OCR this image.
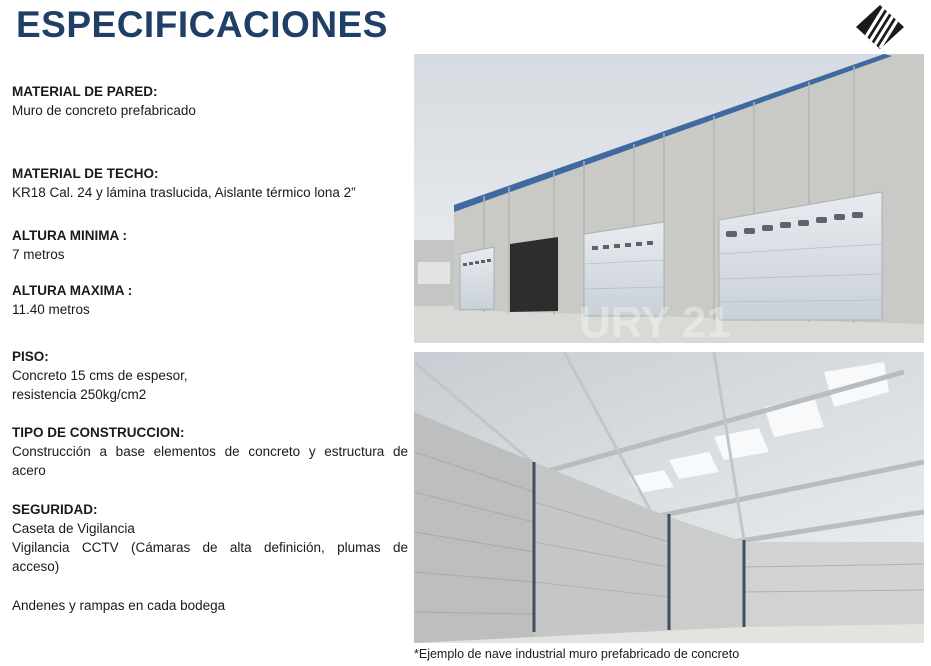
ESPECIFICACIONES
MATERIAL DE PARED:
Muro de concreto prefabricado
MATERIAL DE TECHO:
KR18 Cal. 24 y lámina traslucida, Aislante térmico lona 2”
ALTURA MINIMA :
7 metros
ALTURA MAXIMA :
11.40 metros
PISO:
Concreto 15 cms de espesor,
resistencia 250kg/cm2
TIPO DE CONSTRUCCION:
Construcción a base elementos de concreto y estructura de
acero
SEGURIDAD:
Caseta de Vigilancia
Vigilancia CCTV (Cámaras de alta definición, plumas de
acceso)
Andenes y rampas en cada bodega
URY 21
*Ejemplo de nave industrial muro prefabricado de concreto
